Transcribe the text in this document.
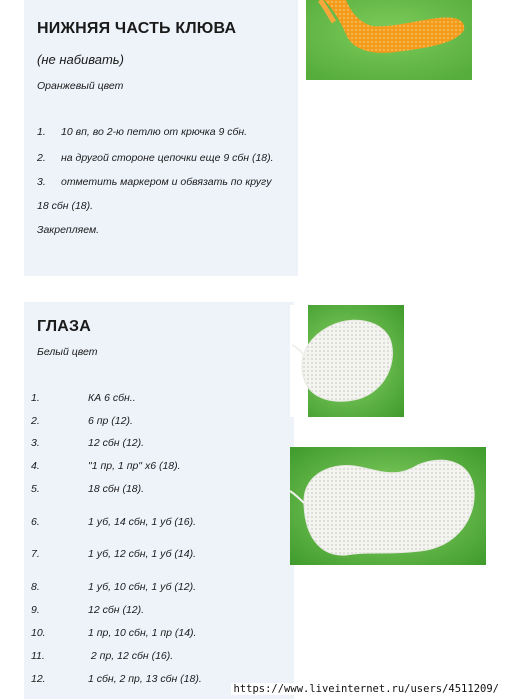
НИЖНЯЯ ЧАСТЬ КЛЮВА
(не набивать)
Оранжевый цвет
1. 10 вп, во 2-ю петлю от крючка 9 сбн.
2. на другой стороне цепочки еще 9 сбн (18).
3. отметить маркером и обвязать по кругу
18 сбн (18).
Закрепляем.
ГЛАЗА
Белый цвет
1.	КА 6 сбн..
2.	6 пр (12).
3.	12 сбн (12).
4.	"1 пр, 1 пр" х6 (18).
5.	18 сбн (18).
6.	1 уб, 14 сбн, 1 уб (16).
7.	1 уб, 12 сбн, 1 уб (14).
8.	1 уб, 10 сбн, 1 уб (12).
9.	12 сбн (12).
10.	1 пр, 10 сбн, 1 пр (14).
11.	2 пр, 12 сбн (16).
12.	1 сбн, 2 пр, 13 сбн (18).
https://www.liveinternet.ru/users/4511209/
